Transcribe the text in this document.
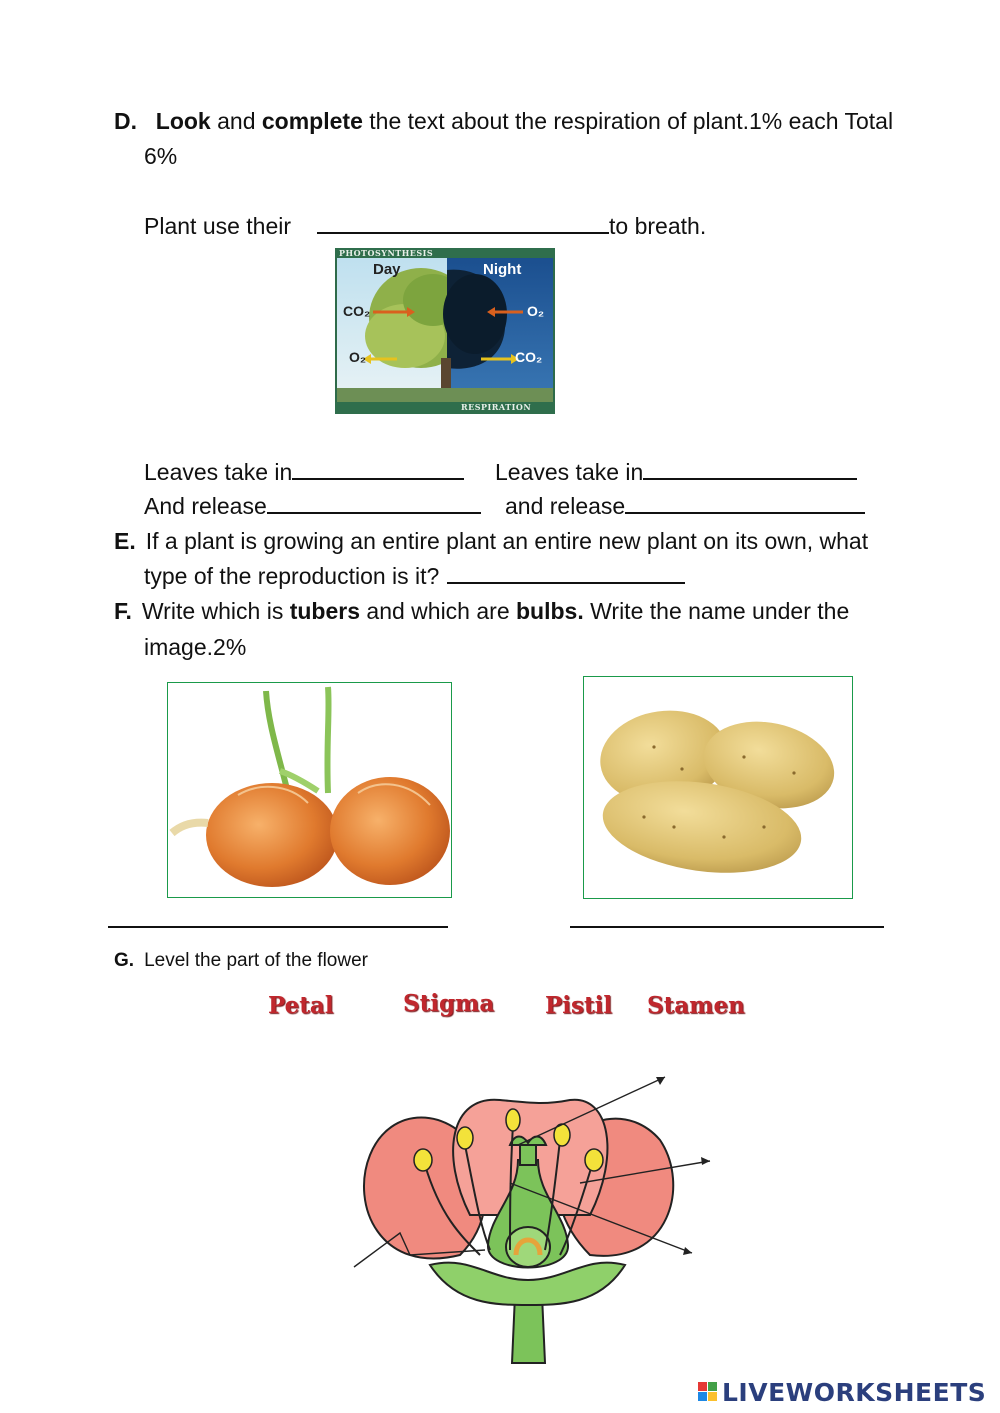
D. Look and complete the text about the respiration of plant.1% each Total
6%
Plant use their	to breath.
PHOTOSYNTHESIS
Day	Night
CO₂
O₂
O₂
CO₂
RESPIRATION
Leaves take in	Leaves take in
And release	and release
E. If a plant is growing an entire plant an entire new plant on its own, what
type of the reproduction is it?
F. Write which is tubers and which are bulbs. Write the name under the
image.2%
G. Level the part of the flower
Petal	Stigma Pistil Stamen
LIVEWORKSHEETS
